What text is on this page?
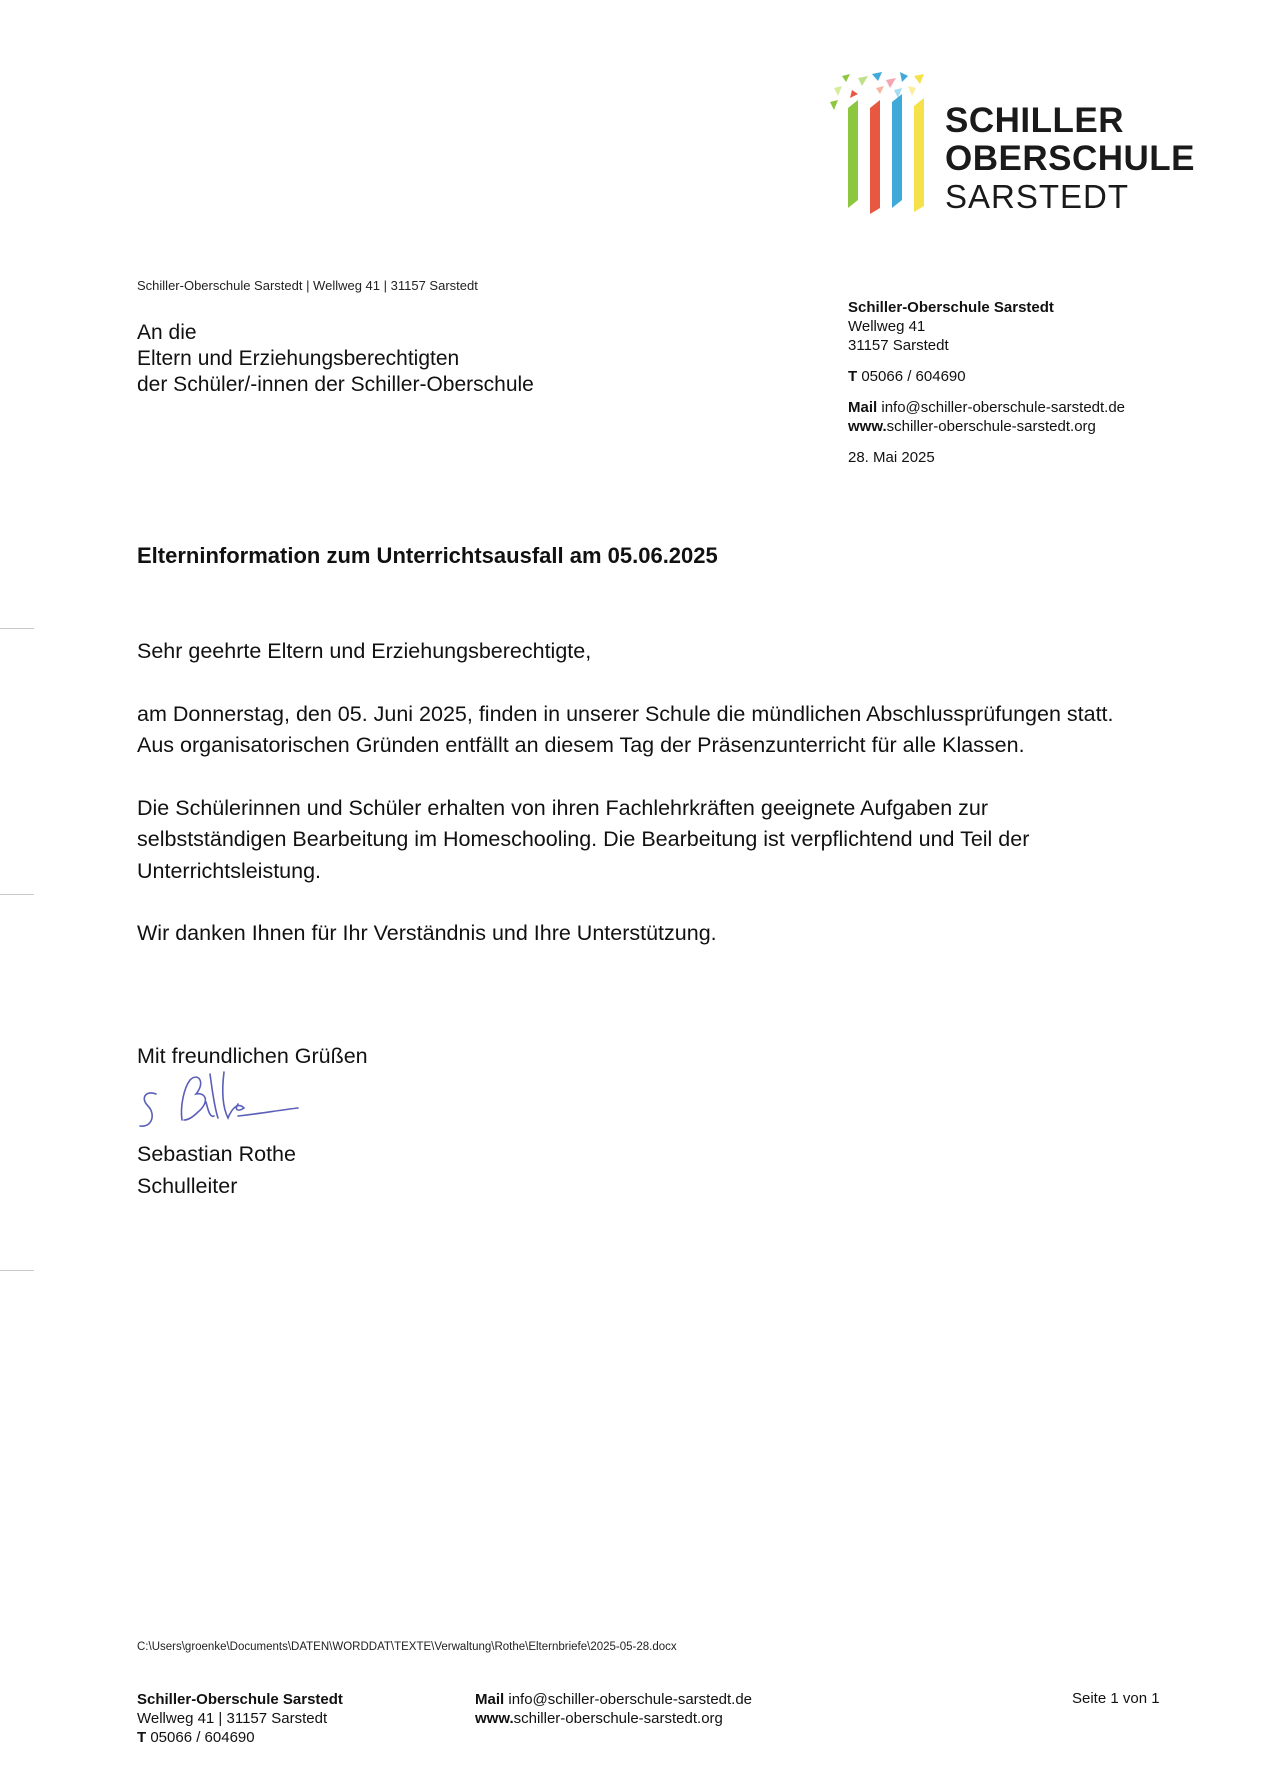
SCHILLER
OBERSCHULE
SARSTEDT
Schiller-Oberschule Sarstedt | Wellweg 41 | 31157 Sarstedt
An die
Eltern und Erziehungsberechtigten
der Schüler/-innen der Schiller-Oberschule
Schiller-Oberschule Sarstedt
Wellweg 41
31157 Sarstedt
T 05066 / 604690
Mail info@schiller-oberschule-sarstedt.de
www.schiller-oberschule-sarstedt.org
28. Mai 2025
Elterninformation zum Unterrichtsausfall am 05.06.2025

Sehr geehrte Eltern und Erziehungsberechtigte,

am Donnerstag, den 05. Juni 2025, finden in unserer Schule die mündlichen Abschlussprüfungen statt. Aus organisatorischen Gründen entfällt an diesem Tag der Präsenzunterricht für alle Klassen.

Die Schülerinnen und Schüler erhalten von ihren Fachlehrkräften geeignete Aufgaben zur selbstständigen Bearbeitung im Homeschooling. Die Bearbeitung ist verpflichtend und Teil der Unterrichtsleistung.

Wir danken Ihnen für Ihr Verständnis und Ihre Unterstützung.

Mit freundlichen Grüßen
Sebastian Rothe
Schulleiter
C:\Users\groenke\Documents\DATEN\WORDDAT\TEXTE\Verwaltung\Rothe\Elternbriefe\2025-05-28.docx
Schiller-Oberschule Sarstedt
Wellweg 41 | 31157 Sarstedt
T 05066 / 604690
Mail info@schiller-oberschule-sarstedt.de
www.schiller-oberschule-sarstedt.org
Seite 1 von 1
